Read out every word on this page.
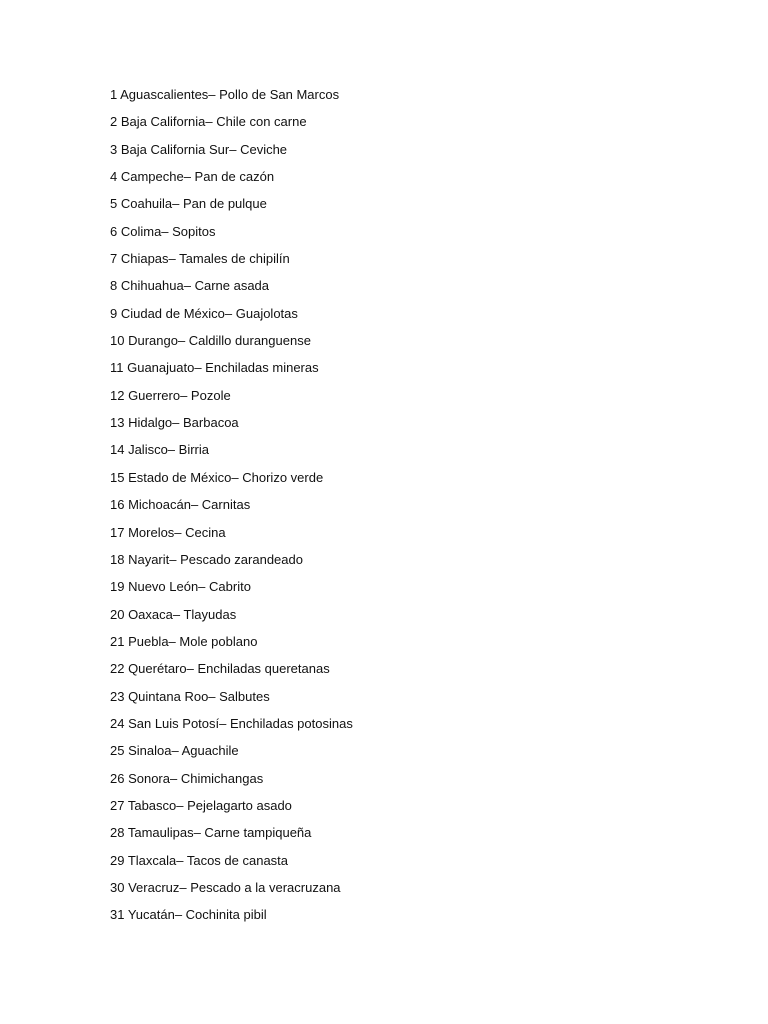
1 Aguascalientes– Pollo de San Marcos
2 Baja California– Chile con carne
3 Baja California Sur– Ceviche
4 Campeche– Pan de cazón
5 Coahuila– Pan de pulque
6 Colima– Sopitos
7 Chiapas– Tamales de chipilín
8 Chihuahua– Carne asada
9 Ciudad de México– Guajolotas
10 Durango– Caldillo duranguense
11 Guanajuato– Enchiladas mineras
12 Guerrero– Pozole
13 Hidalgo– Barbacoa
14 Jalisco– Birria
15 Estado de México– Chorizo verde
16 Michoacán– Carnitas
17 Morelos– Cecina
18 Nayarit– Pescado zarandeado
19 Nuevo León– Cabrito
20 Oaxaca– Tlayudas
21 Puebla– Mole poblano
22 Querétaro– Enchiladas queretanas
23 Quintana Roo– Salbutes
24 San Luis Potosí– Enchiladas potosinas
25 Sinaloa– Aguachile
26 Sonora– Chimichangas
27 Tabasco– Pejelagarto asado
28 Tamaulipas– Carne tampiqueña
29 Tlaxcala– Tacos de canasta
30 Veracruz– Pescado a la veracruzana
31 Yucatán– Cochinita pibil
